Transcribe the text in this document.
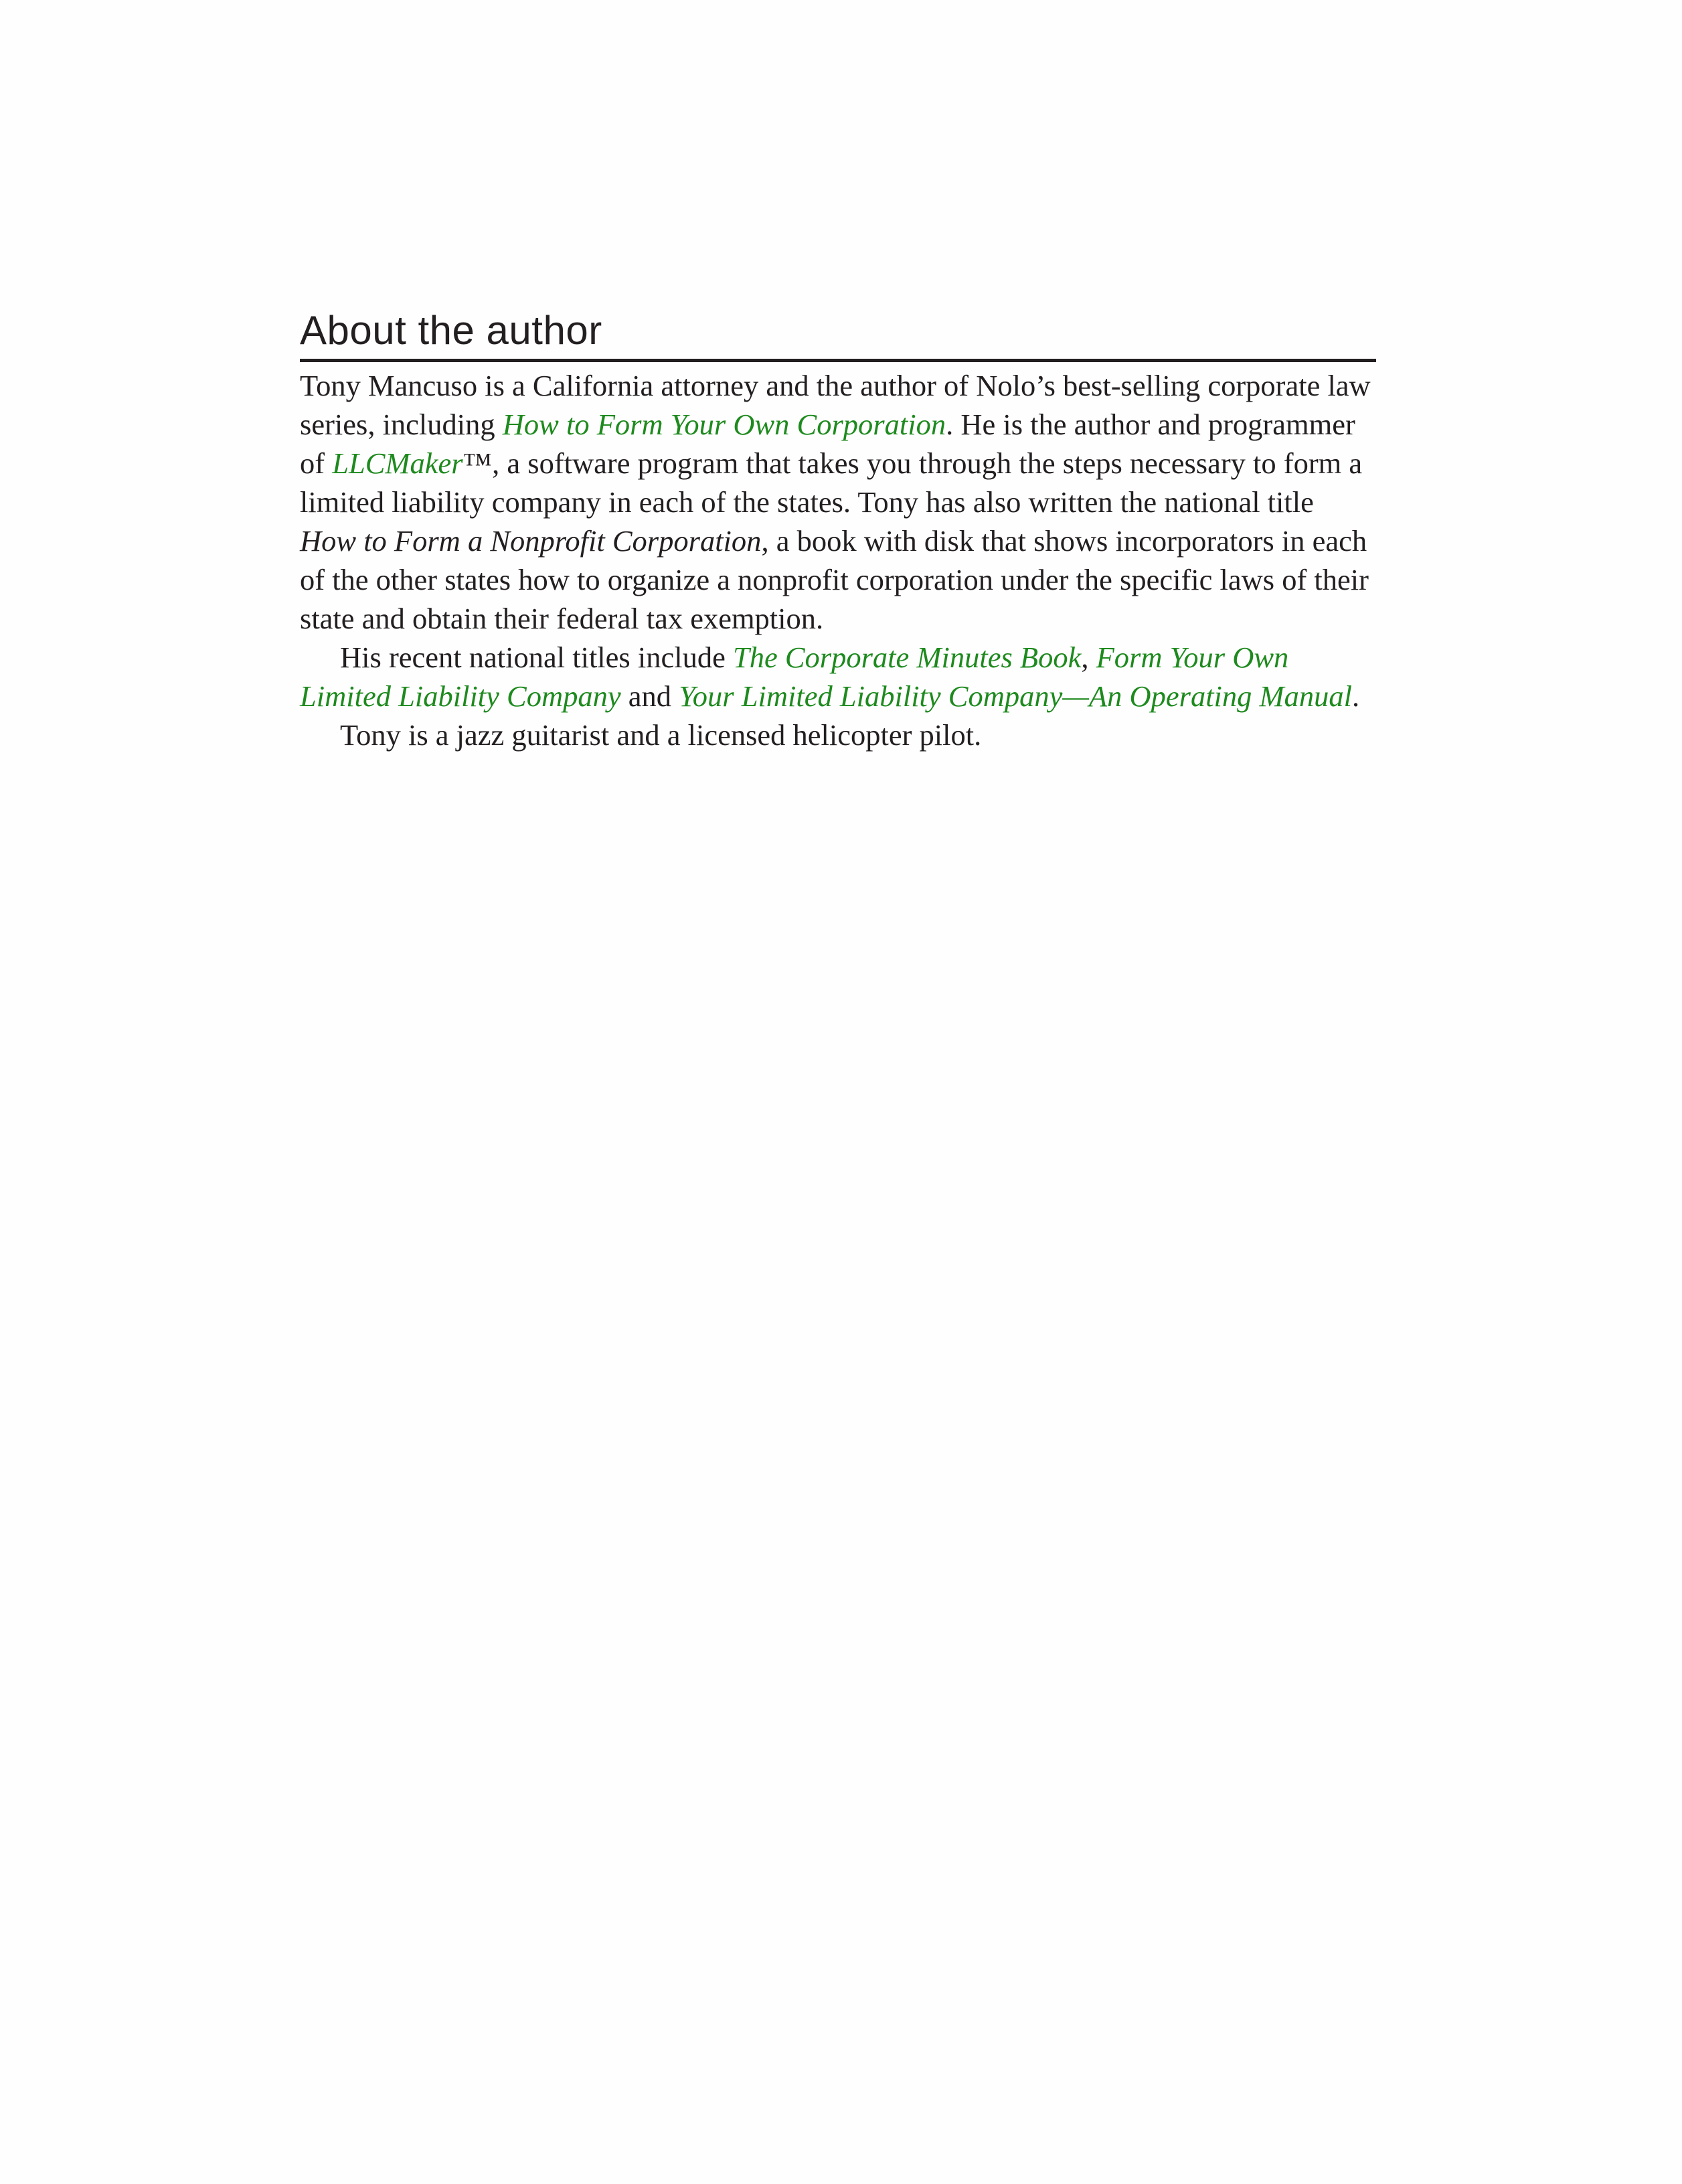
About the author

Tony Mancuso is a California attorney and the author of Nolo’s best-selling corporate law series, including How to Form Your Own Corporation. He is the author and programmer of LLCMaker™, a software program that takes you through the steps necessary to form a limited liability company in each of the states. Tony has also written the national title How to Form a Nonprofit Corporation, a book with disk that shows incorporators in each of the other states how to organize a nonprofit corporation under the specific laws of their state and obtain their federal tax exemption.

His recent national titles include The Corporate Minutes Book, Form Your Own Limited Liability Company and Your Limited Liability Company—An Operating Manual.

Tony is a jazz guitarist and a licensed helicopter pilot.
